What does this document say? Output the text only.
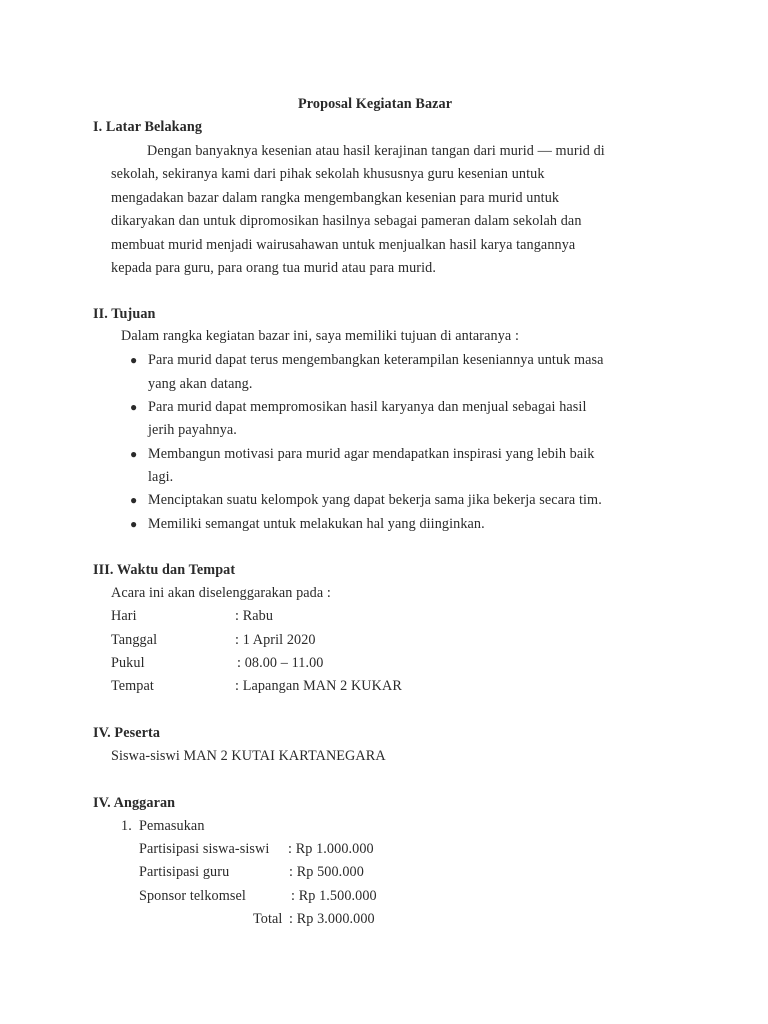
Proposal Kegiatan Bazar
I. Latar Belakang
Dengan banyaknya kesenian atau hasil kerajinan tangan dari murid — murid di
sekolah, sekiranya kami dari pihak sekolah khususnya guru kesenian untuk
mengadakan bazar dalam rangka mengembangkan kesenian para murid untuk
dikaryakan dan untuk dipromosikan hasilnya sebagai pameran dalam sekolah dan
membuat murid menjadi wairusahawan untuk menjualkan hasil karya tangannya
kepada para guru, para orang tua murid atau para murid.
II. Tujuan
Dalam rangka kegiatan bazar ini, saya memiliki tujuan di antaranya :
● Para murid dapat terus mengembangkan keterampilan keseniannya untuk masa
yang akan datang.
● Para murid dapat mempromosikan hasil karyanya dan menjual sebagai hasil
jerih payahnya.
● Membangun motivasi para murid agar mendapatkan inspirasi yang lebih baik
lagi.
● Menciptakan suatu kelompok yang dapat bekerja sama jika bekerja secara tim.
● Memiliki semangat untuk melakukan hal yang diinginkan.
III. Waktu dan Tempat
Acara ini akan diselenggarakan pada :
Hari	: Rabu
Tanggal	: 1 April 2020
Pukul	: 08.00 – 11.00
Tempat	: Lapangan MAN 2 KUKAR
IV. Peserta
Siswa-siswi MAN 2 KUTAI KARTANEGARA
IV. Anggaran
1. Pemasukan
Partisipasi siswa-siswi : Rp 1.000.000
Partisipasi guru	: Rp 500.000
Sponsor telkomsel	: Rp 1.500.000
Total : Rp 3.000.000
